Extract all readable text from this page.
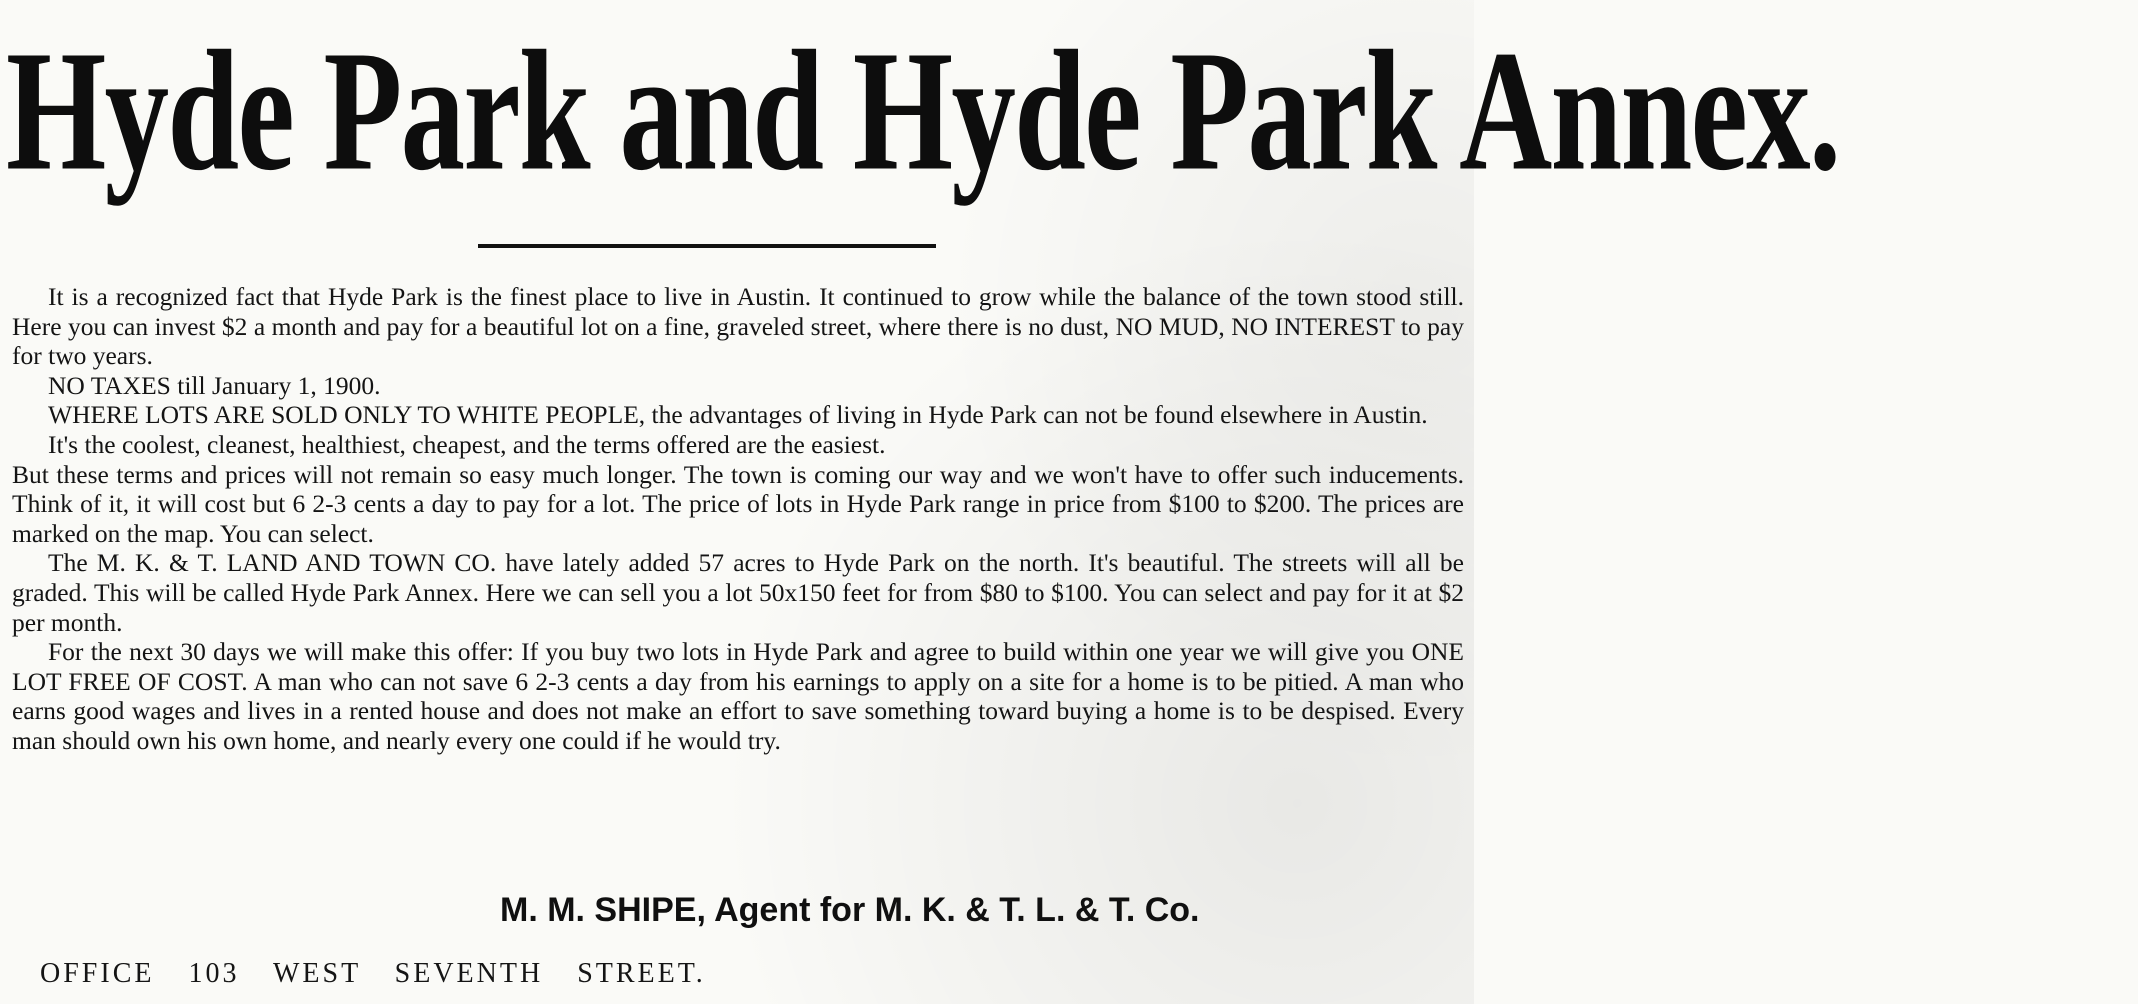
Hyde Park and Hyde Park Annex.

It is a recognized fact that Hyde Park is the finest place to live in Austin. It continued to grow while the balance of the town stood still. Here you can invest $2 a month and pay for a beautiful lot on a fine, graveled street, where there is no dust, NO MUD, NO INTEREST to pay for two years.

NO TAXES till January 1, 1900.

WHERE LOTS ARE SOLD ONLY TO WHITE PEOPLE, the advantages of living in Hyde Park can not be found elsewhere in Austin.

It's the coolest, cleanest, healthiest, cheapest, and the terms offered are the easiest.

But these terms and prices will not remain so easy much longer. The town is coming our way and we won't have to offer such inducements. Think of it, it will cost but 6 2-3 cents a day to pay for a lot. The price of lots in Hyde Park range in price from $100 to $200. The prices are marked on the map. You can select.

The M. K. & T. LAND AND TOWN CO. have lately added 57 acres to Hyde Park on the north. It's beautiful. The streets will all be graded. This will be called Hyde Park Annex. Here we can sell you a lot 50x150 feet for from $80 to $100. You can select and pay for it at $2 per month.

For the next 30 days we will make this offer: If you buy two lots in Hyde Park and agree to build within one year we will give you ONE LOT FREE OF COST. A man who can not save 6 2-3 cents a day from his earnings to apply on a site for a home is to be pitied. A man who earns good wages and lives in a rented house and does not make an effort to save something toward buying a home is to be despised. Every man should own his own home, and nearly every one could if he would try.

M. M. SHIPE, Agent for M. K. & T. L. & T. Co.
OFFICE 103 WEST SEVENTH STREET.
